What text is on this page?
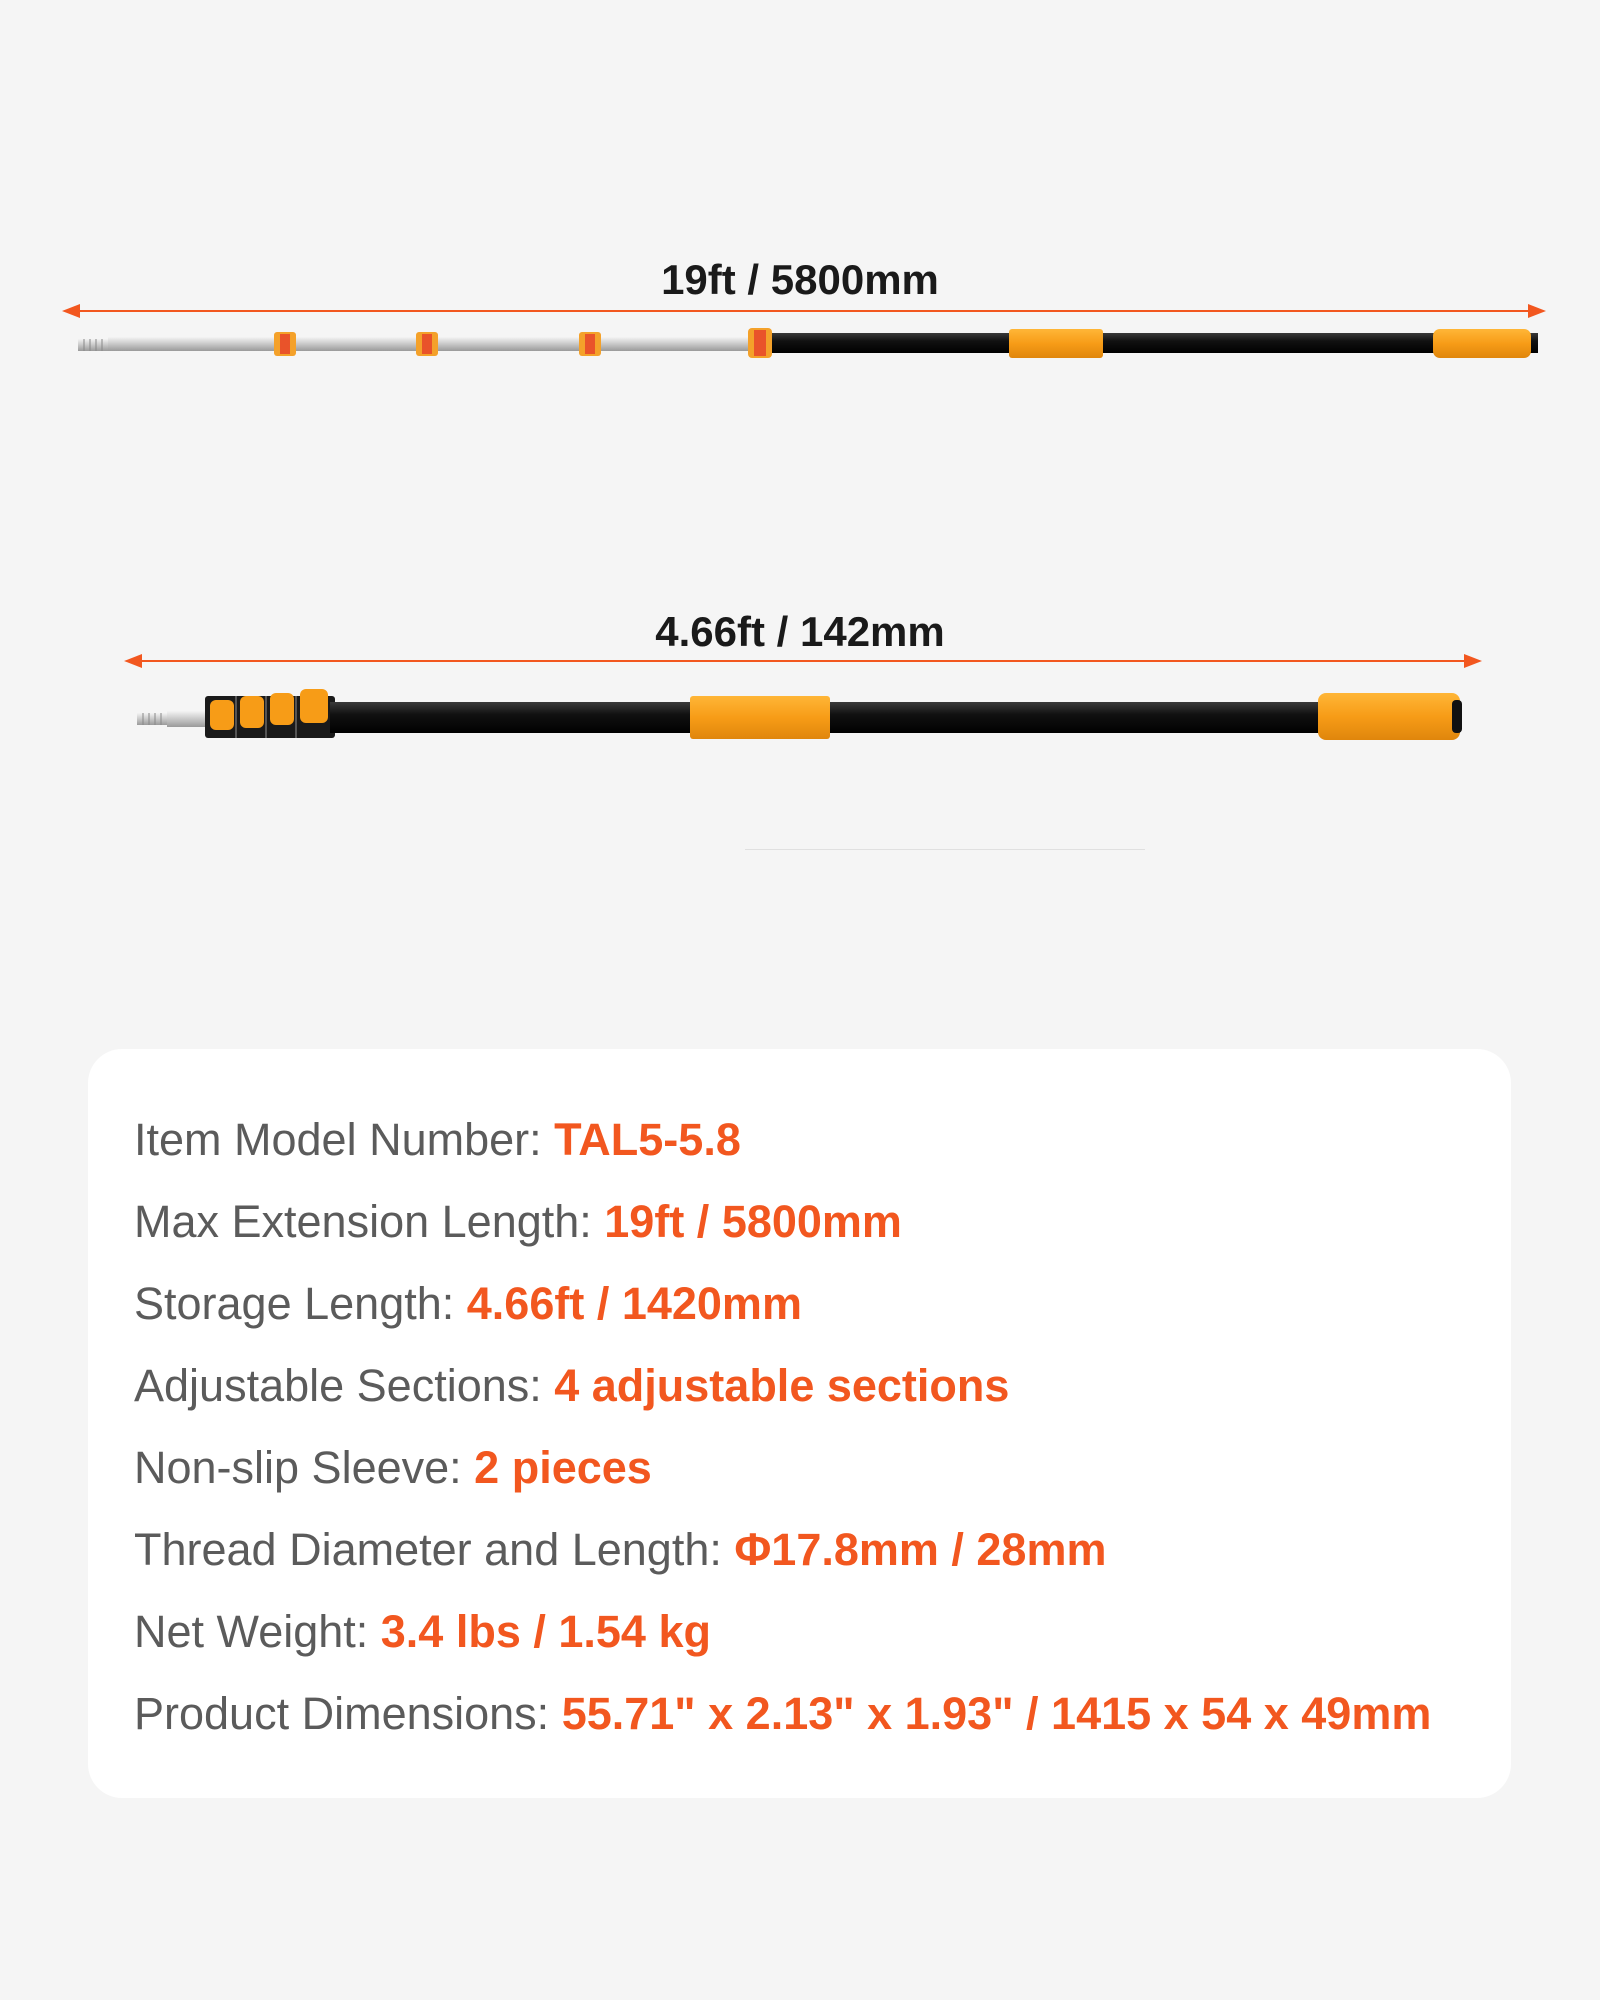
19ft / 5800mm
4.66ft / 142mm
Item Model Number: TAL5-5.8
Max Extension Length: 19ft / 5800mm
Storage Length: 4.66ft / 1420mm
Adjustable Sections: 4 adjustable sections
Non-slip Sleeve: 2 pieces
Thread Diameter and Length: Φ17.8mm / 28mm
Net Weight: 3.4 lbs / 1.54 kg
Product Dimensions: 55.71" x 2.13" x 1.93" / 1415 x 54 x 49mm
